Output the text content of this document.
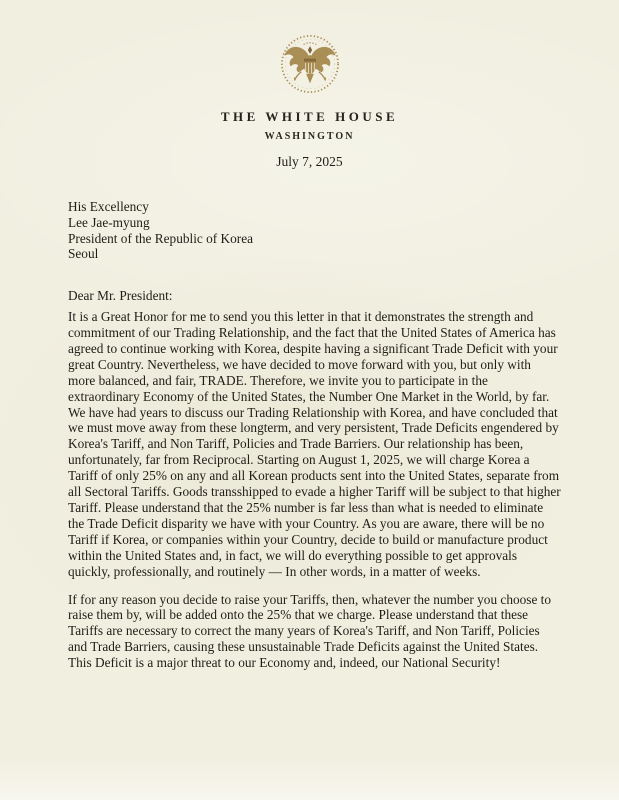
THE WHITE HOUSE
WASHINGTON
July 7, 2025
His Excellency
Lee Jae-myung
President of the Republic of Korea
Seoul
Dear Mr. President:

It is a Great Honor for me to send you this letter in that it demonstrates the strength and commitment of our Trading Relationship, and the fact that the United States of America has agreed to continue working with Korea, despite having a significant Trade Deficit with your great Country. Nevertheless, we have decided to move forward with you, but only with more balanced, and fair, TRADE. Therefore, we invite you to participate in the extraordinary Economy of the United States, the Number One Market in the World, by far. We have had years to discuss our Trading Relationship with Korea, and have concluded that we must move away from these longterm, and very persistent, Trade Deficits engendered by Korea's Tariff, and Non Tariff, Policies and Trade Barriers. Our relationship has been, unfortunately, far from Reciprocal. Starting on August 1, 2025, we will charge Korea a Tariff of only 25% on any and all Korean products sent into the United States, separate from all Sectoral Tariffs. Goods transshipped to evade a higher Tariff will be subject to that higher Tariff. Please understand that the 25% number is far less than what is needed to eliminate the Trade Deficit disparity we have with your Country. As you are aware, there will be no Tariff if Korea, or companies within your Country, decide to build or manufacture product within the United States and, in fact, we will do everything possible to get approvals quickly, professionally, and routinely — In other words, in a matter of weeks.

If for any reason you decide to raise your Tariffs, then, whatever the number you choose to raise them by, will be added onto the 25% that we charge. Please understand that these Tariffs are necessary to correct the many years of Korea's Tariff, and Non Tariff, Policies and Trade Barriers, causing these unsustainable Trade Deficits against the United States. This Deficit is a major threat to our Economy and, indeed, our National Security!
